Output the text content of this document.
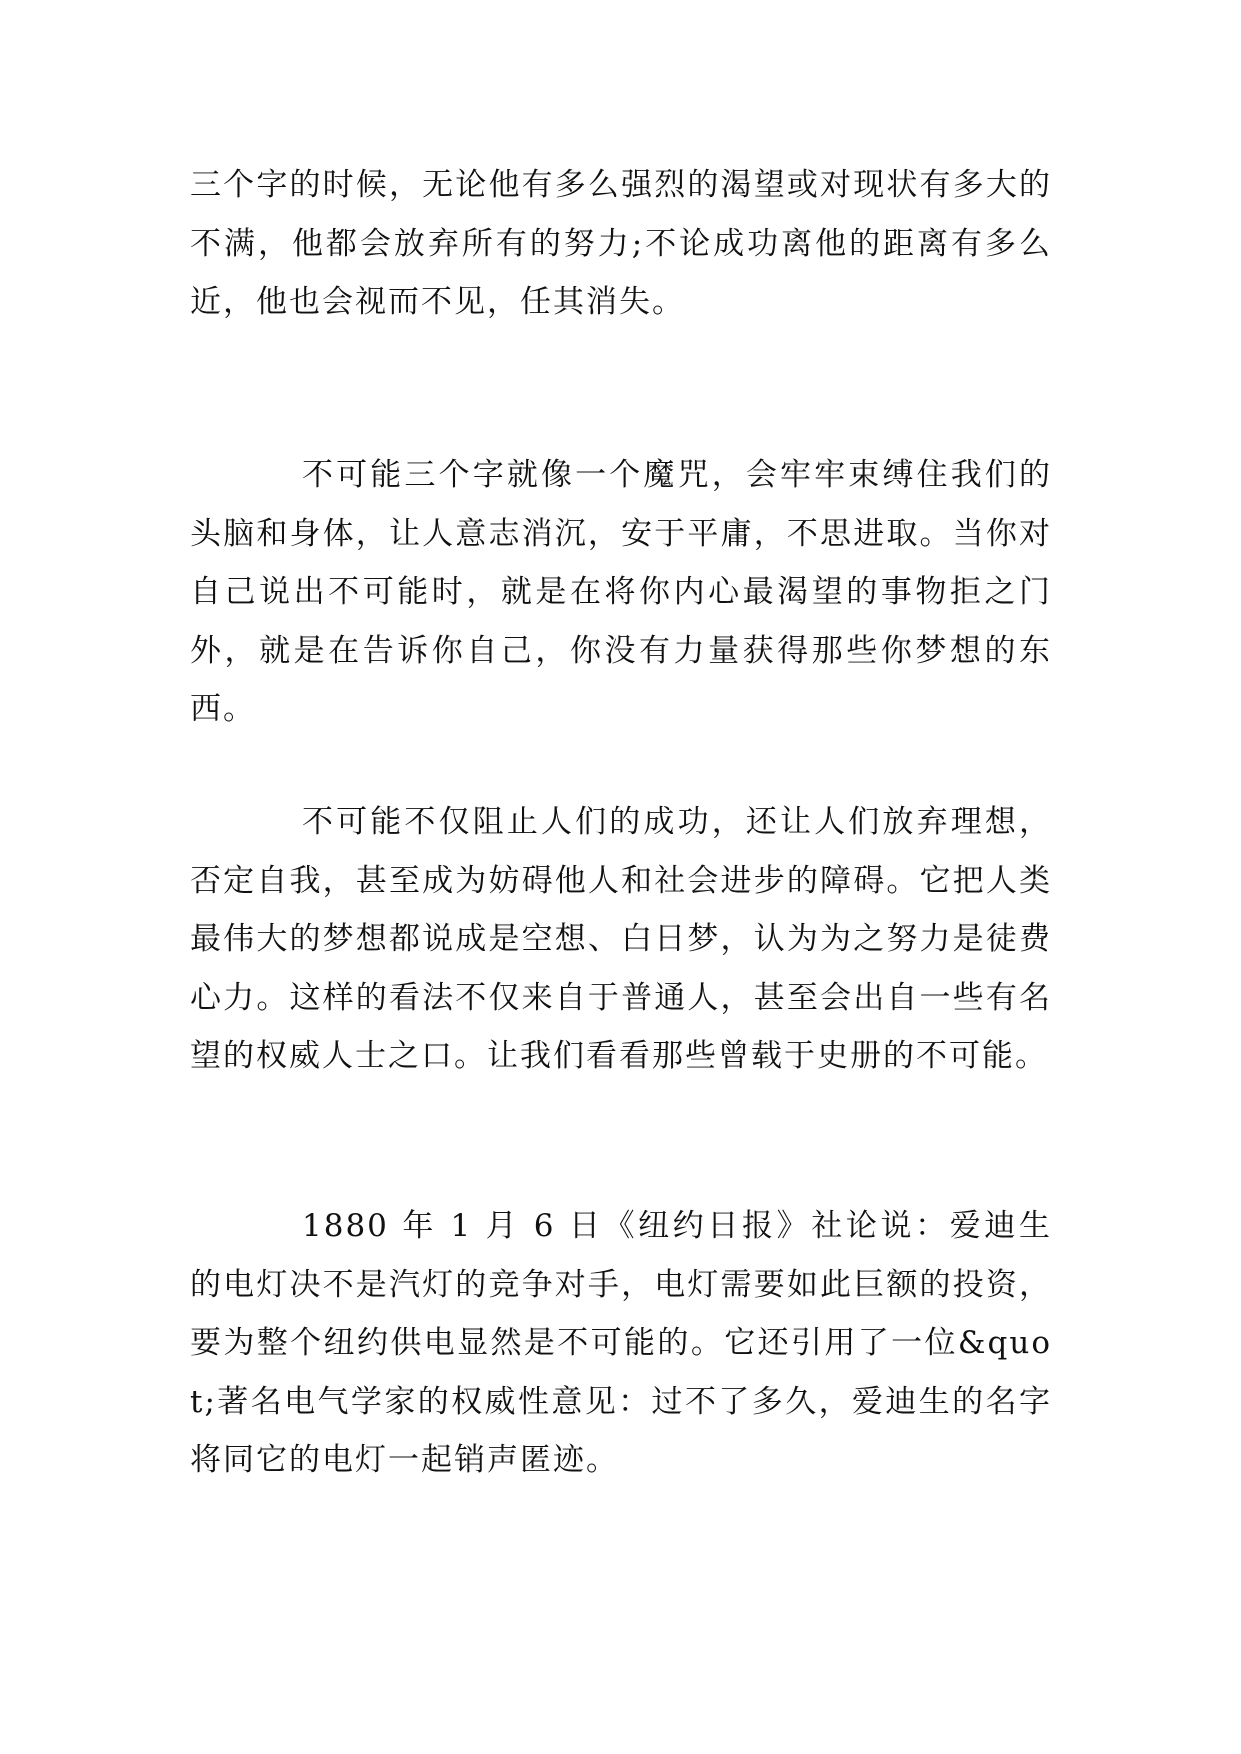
三个字的时候，无论他有多么强烈的渴望或对现状有多大的不满，他都会放弃所有的努力;不论成功离他的距离有多么近，他也会视而不见，任其消失。

不可能三个字就像一个魔咒，会牢牢束缚住我们的头脑和身体，让人意志消沉，安于平庸，不思进取。当你对自己说出不可能时，就是在将你内心最渴望的事物拒之门外，就是在告诉你自己，你没有力量获得那些你梦想的东西。

不可能不仅阻止人们的成功，还让人们放弃理想，否定自我，甚至成为妨碍他人和社会进步的障碍。它把人类最伟大的梦想都说成是空想、白日梦，认为为之努力是徒费心力。这样的看法不仅来自于普通人，甚至会出自一些有名望的权威人士之口。让我们看看那些曾载于史册的不可能。

1880 年 1 月 6 日《纽约日报》社论说：爱迪生的电灯决不是汽灯的竞争对手，电灯需要如此巨额的投资，要为整个纽约供电显然是不可能的。它还引用了一位&quot;著名电气学家的权威性意见：过不了多久，爱迪生的名字将同它的电灯一起销声匿迹。
